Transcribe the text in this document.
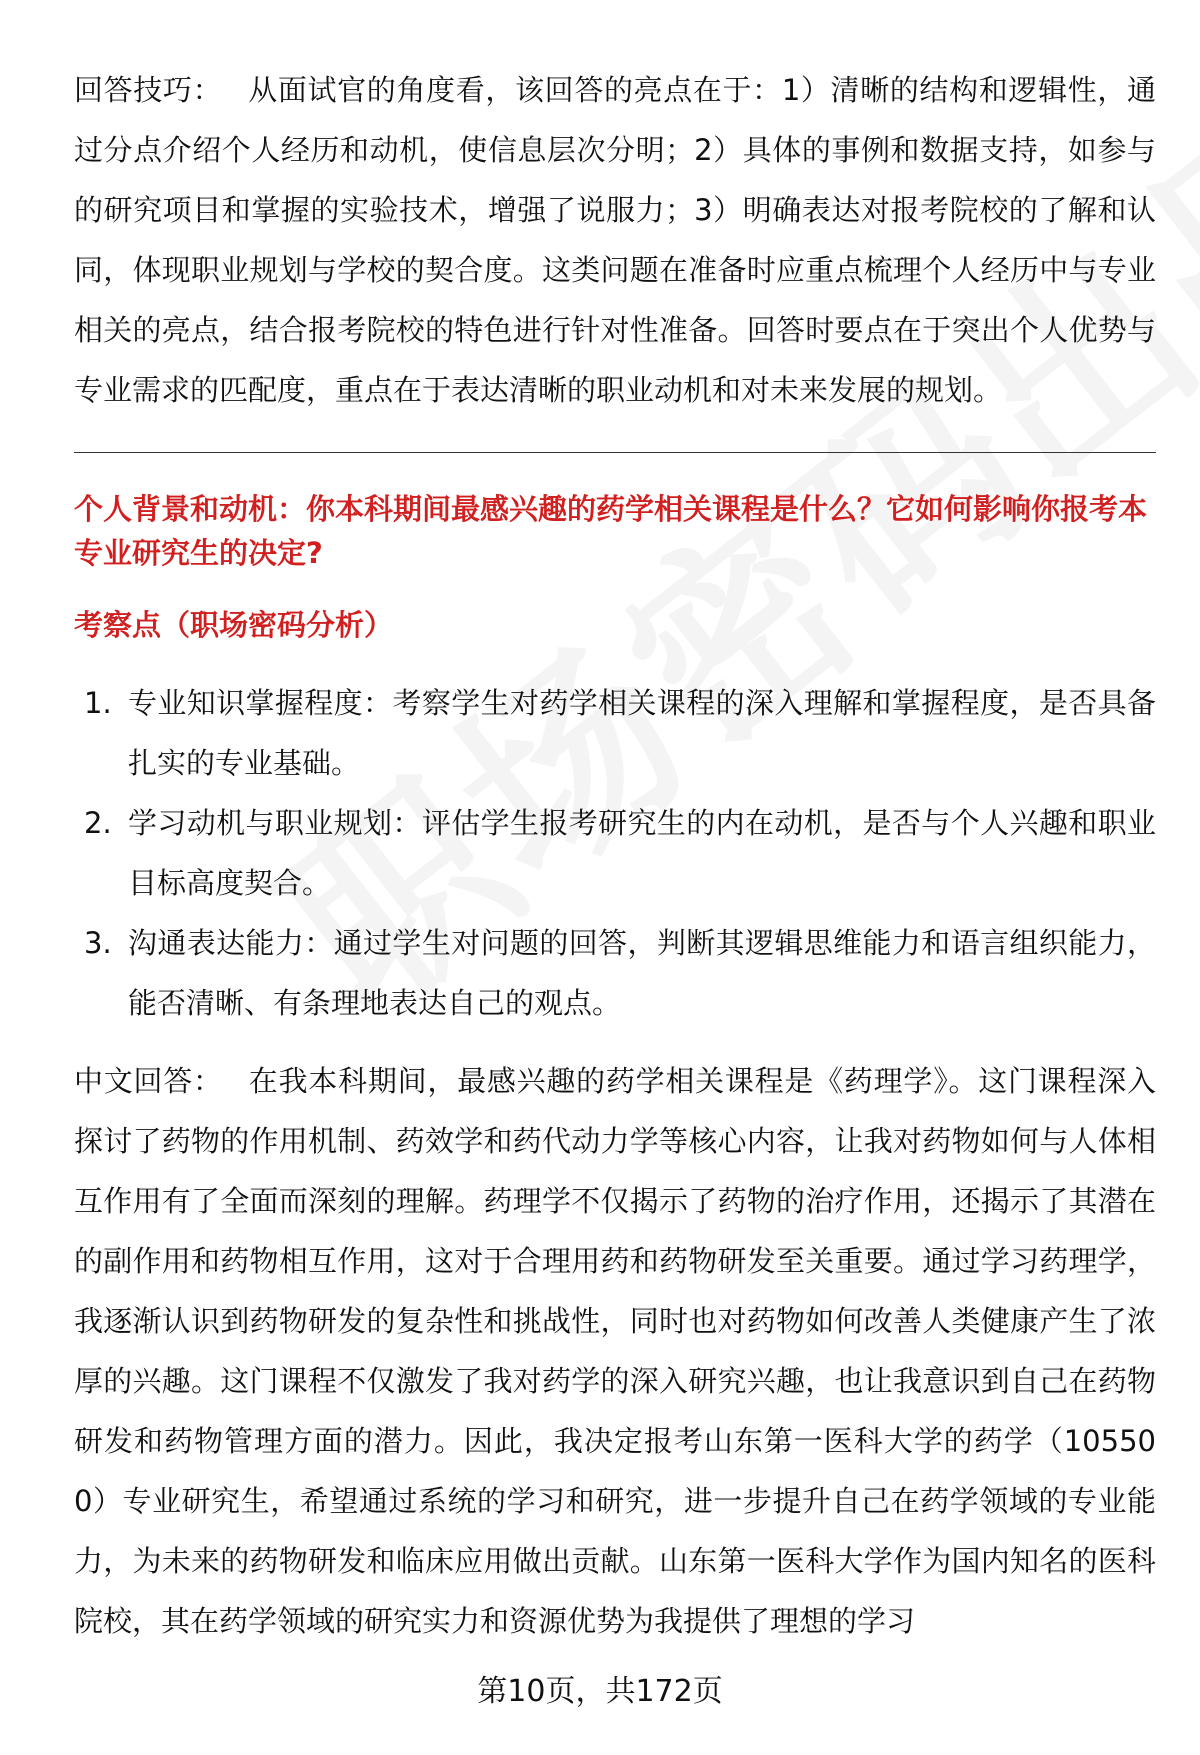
回答技巧： 从面试官的角度看，该回答的亮点在于：1）清晰的结构和逻辑性，通过分点介绍个人经历和动机，使信息层次分明；2）具体的事例和数据支持，如参与的研究项目和掌握的实验技术，增强了说服力；3）明确表达对报考院校的了解和认同，体现职业规划与学校的契合度。这类问题在准备时应重点梳理个人经历中与专业相关的亮点，结合报考院校的特色进行针对性准备。回答时要点在于突出个人优势与专业需求的匹配度，重点在于表达清晰的职业动机和对未来发展的规划。

个人背景和动机：你本科期间最感兴趣的药学相关课程是什么？它如何影响你报考本专业研究生的决定?

考察点（职场密码分析）

1. 专业知识掌握程度：考察学生对药学相关课程的深入理解和掌握程度，是否具备扎实的专业基础。
2. 学习动机与职业规划：评估学生报考研究生的内在动机，是否与个人兴趣和职业目标高度契合。
3. 沟通表达能力：通过学生对问题的回答，判断其逻辑思维能力和语言组织能力，能否清晰、有条理地表达自己的观点。

中文回答： 在我本科期间，最感兴趣的药学相关课程是《药理学》。这门课程深入探讨了药物的作用机制、药效学和药代动力学等核心内容，让我对药物如何与人体相互作用有了全面而深刻的理解。药理学不仅揭示了药物的治疗作用，还揭示了其潜在的副作用和药物相互作用，这对于合理用药和药物研发至关重要。通过学习药理学，我逐渐认识到药物研发的复杂性和挑战性，同时也对药物如何改善人类健康产生了浓厚的兴趣。这门课程不仅激发了我对药学的深入研究兴趣，也让我意识到自己在药物研发和药物管理方面的潜力。因此，我决定报考山东第一医科大学的药学（105500）专业研究生，希望通过系统的学习和研究，进一步提升自己在药学领域的专业能力，为未来的药物研发和临床应用做出贡献。山东第一医科大学作为国内知名的医科院校，其在药学领域的研究实力和资源优势为我提供了理想的学习

第10页，共172页
